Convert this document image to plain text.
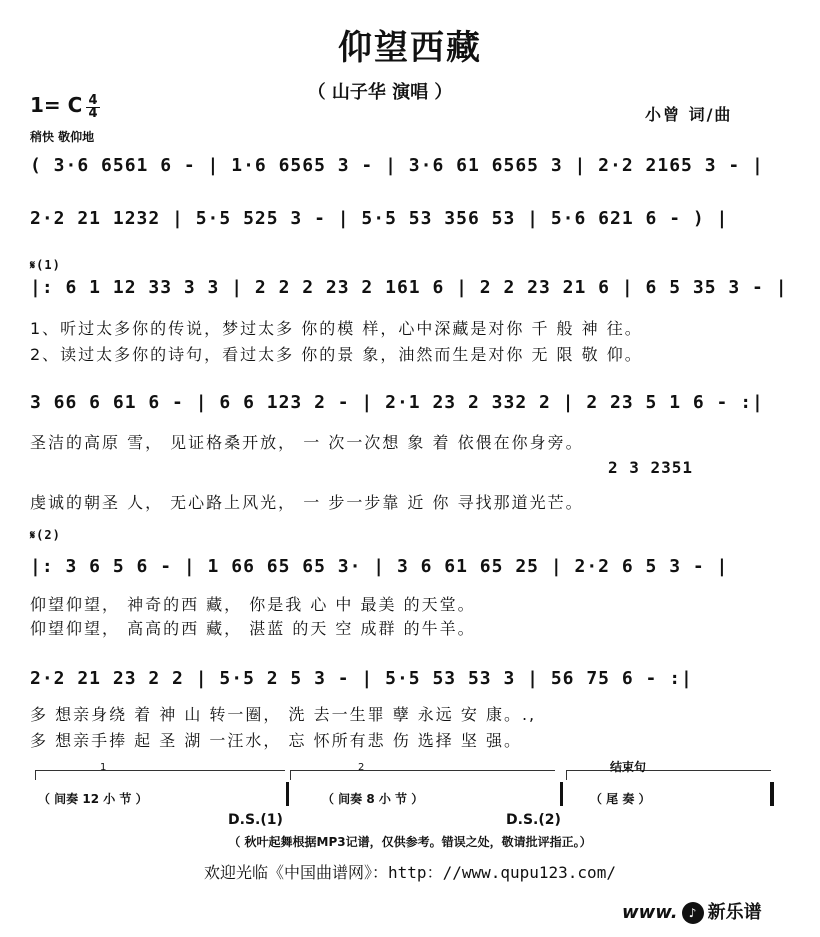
仰望西藏
（ 山子华 演唱 ）
1= C 4
4
稍快 敬仰地
小曾 词/曲
( 3·6 6561 6 - | 1·6 6565 3 - | 3·6 61 6565 3 | 2·2 2165 3 - |
2·2 21 1232 | 5·5 525 3 - | 5·5 53 356 53 | 5·6 621 6 - ) |
𝄋(1)
|: 6 1 12 33 3 3 | 2 2 2 23 2 161 6 | 2 2 23 21 6 | 6 5 35 3 - |
1、听过太多你的传说，梦过太多 你的模 样，心中深藏是对你 千 般 神 往。
2、读过太多你的诗句，看过太多 你的景 象，油然而生是对你 无 限 敬 仰。
3 66 6 61 6 - | 6 6 123 2 - | 2·1 23 2 332 2 | 2 23 5 1 6 - :|
圣洁的高原 雪， 见证格桑开放， 一 次一次想 象 着 依偎在你身旁。
2 3 2351
虔诚的朝圣 人， 无心路上风光， 一 步一步靠 近 你 寻找那道光芒。
𝄋(2)
|: 3 6 5 6 - | 1 66 65 65 3· | 3 6 61 65 25 | 2·2 6 5 3 - |
仰望仰望， 神奇的西 藏， 你是我 心 中 最美 的天堂。
仰望仰望， 高高的西 藏， 湛蓝 的天 空 成群 的牛羊。
2·2 21 23 2 2 | 5·5 2 5 3 - | 5·5 53 53 3 | 56 75 6 - :|
多 想亲身绕 着 神 山 转一圈， 洗 去一生罪 孽 永远 安 康。.,
多 想亲手捧 起 圣 湖 一汪水， 忘 怀所有悲 伤 选择 坚 强。
1	2	结束句
（ 间奏 12 小 节 ）	（ 间奏 8 小 节 ）	（ 尾 奏 ）
D.S.(1)	D.S.(2)
（ 秋叶起舞根据MP3记谱，仅供参考。错误之处，敬请批评指正。）
欢迎光临《中国曲谱网》：http：//www.qupu123.com/
www. ♪ 新乐谱
